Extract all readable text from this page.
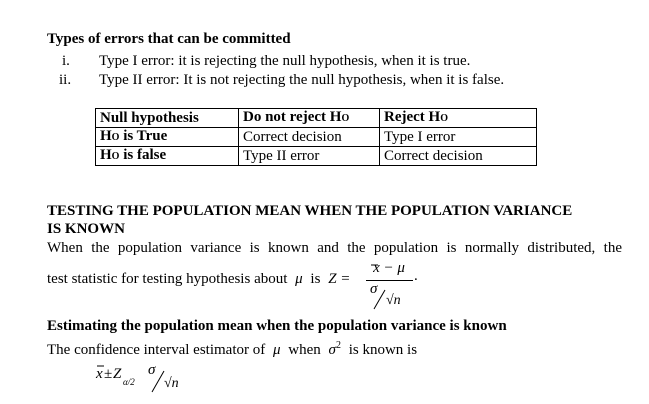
Types of errors that can be committed
i. Type I error: it is rejecting the null hypothesis, when it is true.
ii. Type II error: It is not rejecting the null hypothesis, when it is false.
Null hypothesis	Do not reject HO	Reject HO
HO is True	Correct decision	Type I error
HO is false	Type II error	Correct decision
TESTING THE POPULATION MEAN WHEN THE POPULATION VARIANCE
IS KNOWN
When the population variance is known and the population is normally distributed, the
test statistic for testing hypothesis about μ is Z =
x − μ
σ
√n
.
Estimating the population mean when the population variance is known
The confidence interval estimator of μ when $\sigma^2$ is known is
x ± Z α/2
σ
√n
